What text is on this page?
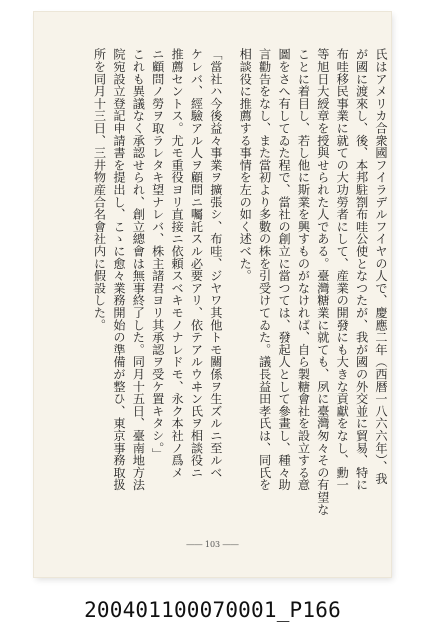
氏はアメリカ合衆國フイラデルフイヤの人で、慶應二年（西暦一八六六年）、我
が國に渡來し、後、本邦駐劄布哇公使となつたが、我が國の外交並に貿易、特に
布哇移民事業に就ての大功勞者にして、産業の開發にも大きな貢獻をなし、勳一
等旭日大綬章を授與せられた人である。臺灣糖業に就ても、夙に臺灣匆々その有望な
ことに着目し、若し他に斯業を興すものがなければ、自ら製糖會社を設立する意
圖をさへ有してゐた程で、當社の創立に當つては、發起人として參畫し、種々助
言勸告をなし、また當初より多數の株を引受けてゐた。議長益田孝氏は、同氏を
相談役に推薦する事情を左の如く述べた。
「當社ハ今後益々事業ヲ擴張シ、布哇、ジヤワ其他トモ關係ヲ生ズルニ至ルベ
ケレバ、經驗アル人ヲ顧問ニ囑託スル必要アリ、依テアルウヰン氏ヲ相談役ニ
推薦セントス。尤モ重役ヨリ直接ニ依頼スベキモノナレドモ、永ク本社ノ爲メ
ニ顧問ノ勞ヲ取ラレタキ望ナレバ、株主諸君ヨリ其承認ヲ受ケ置キタシ。」
これも異議なく承認せられ、創立總會は無事終了した。同月十五日、臺南地方法
院宛設立登記申請書を提出し、こゝに愈々業務開始の準備が整ひ、東京事務取扱
所を同月十三日、三井物産合名會社内に假設した。
―― 103 ――
200401100070001_P166
